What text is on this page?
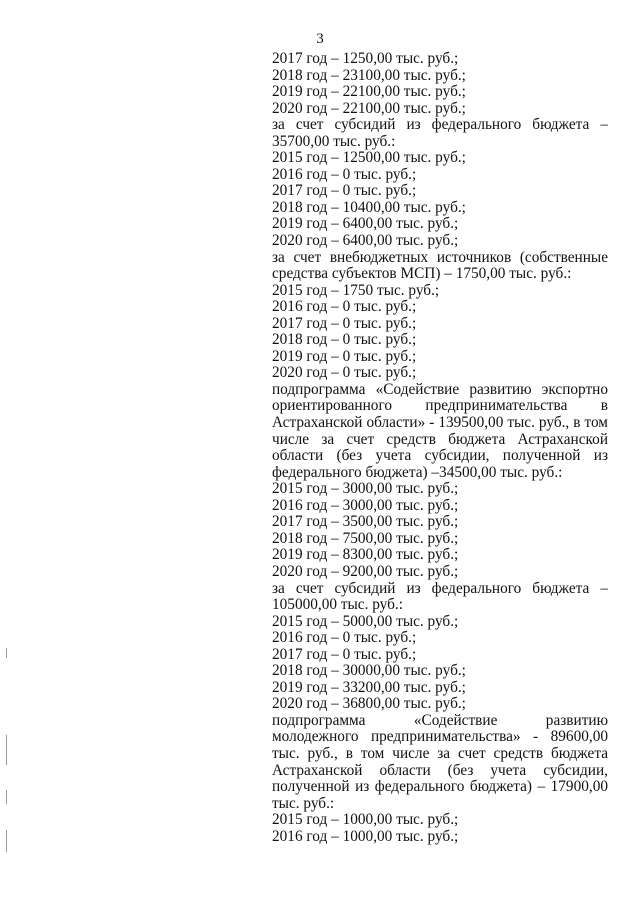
3
2017 год – 1250,00 тыс. руб.;
2018 год – 23100,00 тыс. руб.;
2019 год – 22100,00 тыс. руб.;
2020 год – 22100,00 тыс. руб.;
за счет субсидий из федерального бюджета – 35700,00 тыс. руб.:
2015 год – 12500,00 тыс. руб.;
2016 год – 0 тыс. руб.;
2017 год – 0 тыс. руб.;
2018 год – 10400,00 тыс. руб.;
2019 год – 6400,00 тыс. руб.;
2020 год – 6400,00 тыс. руб.;
за счет внебюджетных источников (собственные средства субъектов МСП) – 1750,00 тыс. руб.:
2015 год – 1750 тыс. руб.;
2016 год – 0 тыс. руб.;
2017 год – 0 тыс. руб.;
2018 год – 0 тыс. руб.;
2019 год – 0 тыс. руб.;
2020 год – 0 тыс. руб.;
подпрограмма «Содействие развитию экспортно ориентированного предпринимательства в Астраханской области» - 139500,00 тыс. руб., в том числе за счет средств бюджета Астраханской области (без учета субсидии, полученной из федерального бюджета) –34500,00 тыс. руб.:
2015 год – 3000,00 тыс. руб.;
2016 год – 3000,00 тыс. руб.;
2017 год – 3500,00 тыс. руб.;
2018 год – 7500,00 тыс. руб.;
2019 год – 8300,00 тыс. руб.;
2020 год – 9200,00 тыс. руб.;
за счет субсидий из федерального бюджета – 105000,00 тыс. руб.:
2015 год – 5000,00 тыс. руб.;
2016 год – 0 тыс. руб.;
2017 год – 0 тыс. руб.;
2018 год – 30000,00 тыс. руб.;
2019 год – 33200,00 тыс. руб.;
2020 год – 36800,00 тыс. руб.;
подпрограмма «Содействие развитию молодежного предпринимательства» - 89600,00 тыс. руб., в том числе за счет средств бюджета Астраханской области (без учета субсидии, полученной из федерального бюджета) – 17900,00 тыс. руб.:
2015 год – 1000,00 тыс. руб.;
2016 год – 1000,00 тыс. руб.;
